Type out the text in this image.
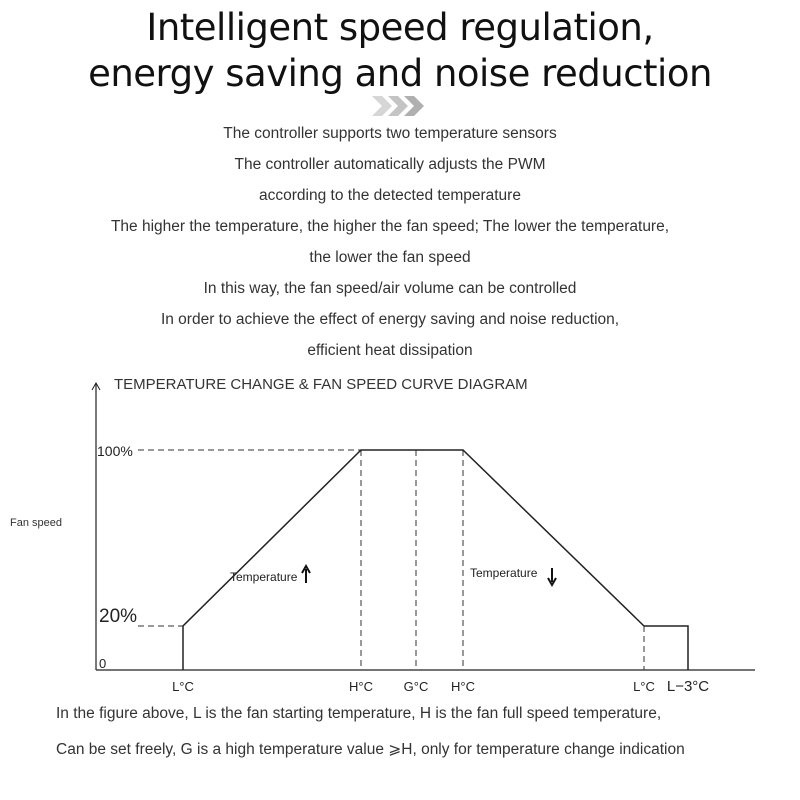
Intelligent speed regulation,
energy saving and noise reduction
The controller supports two temperature sensors
The controller automatically adjusts the PWM
according to the detected temperature
The higher the temperature, the higher the fan speed; The lower the temperature,
the lower the fan speed
In this way, the fan speed/air volume can be controlled
In order to achieve the effect of energy saving and noise reduction,
efficient heat dissipation
TEMPERATURE CHANGE & FAN SPEED CURVE DIAGRAM
Fan speed
0
20%
100%
L°C	H°C G°C H°C	L°C L−3°C
Temperature	Temperature

In the figure above, L is the fan starting temperature, H is the fan full speed temperature,

Can be set freely, G is a high temperature value ⩾H, only for temperature change indication
